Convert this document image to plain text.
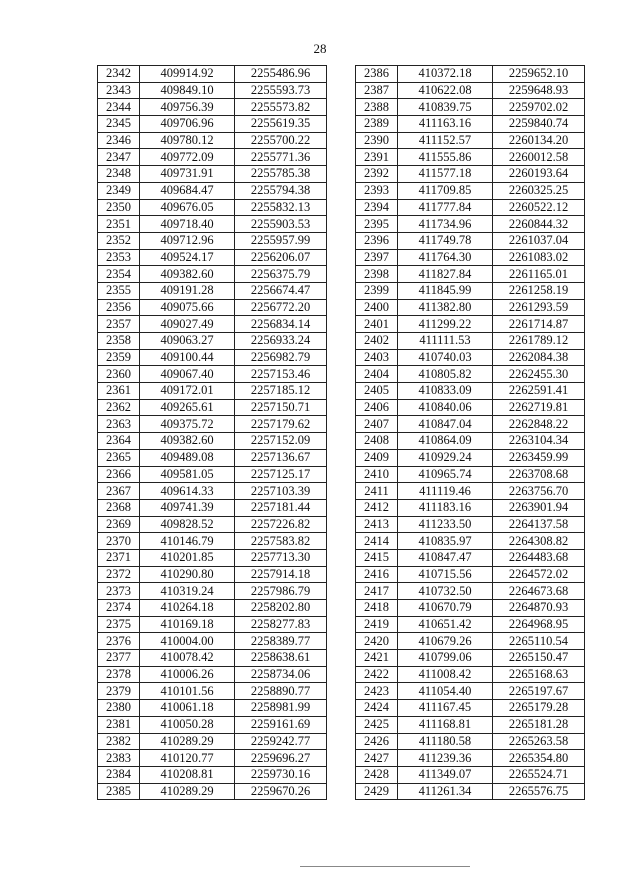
28
2342	409914.92	2255486.96
2343	409849.10	2255593.73
2344	409756.39	2255573.82
2345	409706.96	2255619.35
2346	409780.12	2255700.22
2347	409772.09	2255771.36
2348	409731.91	2255785.38
2349	409684.47	2255794.38
2350	409676.05	2255832.13
2351	409718.40	2255903.53
2352	409712.96	2255957.99
2353	409524.17	2256206.07
2354	409382.60	2256375.79
2355	409191.28	2256674.47
2356	409075.66	2256772.20
2357	409027.49	2256834.14
2358	409063.27	2256933.24
2359	409100.44	2256982.79
2360	409067.40	2257153.46
2361	409172.01	2257185.12
2362	409265.61	2257150.71
2363	409375.72	2257179.62
2364	409382.60	2257152.09
2365	409489.08	2257136.67
2366	409581.05	2257125.17
2367	409614.33	2257103.39
2368	409741.39	2257181.44
2369	409828.52	2257226.82
2370	410146.79	2257583.82
2371	410201.85	2257713.30
2372	410290.80	2257914.18
2373	410319.24	2257986.79
2374	410264.18	2258202.80
2375	410169.18	2258277.83
2376	410004.00	2258389.77
2377	410078.42	2258638.61
2378	410006.26	2258734.06
2379	410101.56	2258890.77
2380	410061.18	2258981.99
2381	410050.28	2259161.69
2382	410289.29	2259242.77
2383	410120.77	2259696.27
2384	410208.81	2259730.16
2385	410289.29	2259670.26
2386	410372.18	2259652.10
2387	410622.08	2259648.93
2388	410839.75	2259702.02
2389	411163.16	2259840.74
2390	411152.57	2260134.20
2391	411555.86	2260012.58
2392	411577.18	2260193.64
2393	411709.85	2260325.25
2394	411777.84	2260522.12
2395	411734.96	2260844.32
2396	411749.78	2261037.04
2397	411764.30	2261083.02
2398	411827.84	2261165.01
2399	411845.99	2261258.19
2400	411382.80	2261293.59
2401	411299.22	2261714.87
2402	411111.53	2261789.12
2403	410740.03	2262084.38
2404	410805.82	2262455.30
2405	410833.09	2262591.41
2406	410840.06	2262719.81
2407	410847.04	2262848.22
2408	410864.09	2263104.34
2409	410929.24	2263459.99
2410	410965.74	2263708.68
2411	411119.46	2263756.70
2412	411183.16	2263901.94
2413	411233.50	2264137.58
2414	410835.97	2264308.82
2415	410847.47	2264483.68
2416	410715.56	2264572.02
2417	410732.50	2264673.68
2418	410670.79	2264870.93
2419	410651.42	2264968.95
2420	410679.26	2265110.54
2421	410799.06	2265150.47
2422	411008.42	2265168.63
2423	411054.40	2265197.67
2424	411167.45	2265179.28
2425	411168.81	2265181.28
2426	411180.58	2265263.58
2427	411239.36	2265354.80
2428	411349.07	2265524.71
2429	411261.34	2265576.75
